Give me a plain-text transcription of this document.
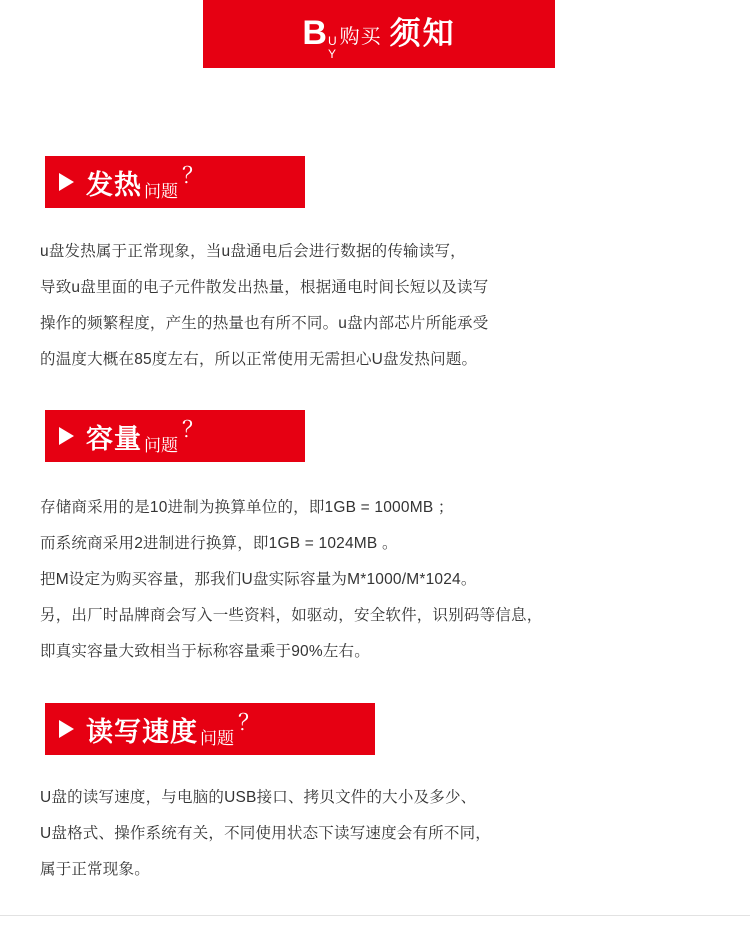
B U
Y
购买 须知
发热 问题
？

u盘发热属于正常现象，当u盘通电后会进行数据的传输读写，

导致u盘里面的电子元件散发出热量，根据通电时间长短以及读写

操作的频繁程度，产生的热量也有所不同。u盘内部芯片所能承受

的温度大概在85度左右，所以正常使用无需担心U盘发热问题。

容量 问题
？

存储商采用的是10进制为换算单位的，即1GB = 1000MB ；

而系统商采用2进制进行换算，即1GB = 1024MB 。

把M设定为购买容量，那我们U盘实际容量为M*1000/M*1024。

另，出厂时品牌商会写入一些资料，如驱动，安全软件，识别码等信息，

即真实容量大致相当于标称容量乘于90%左右。

读写速度 问题
？

U盘的读写速度，与电脑的USB接口、拷贝文件的大小及多少、

U盘格式、操作系统有关，不同使用状态下读写速度会有所不同，

属于正常现象。
